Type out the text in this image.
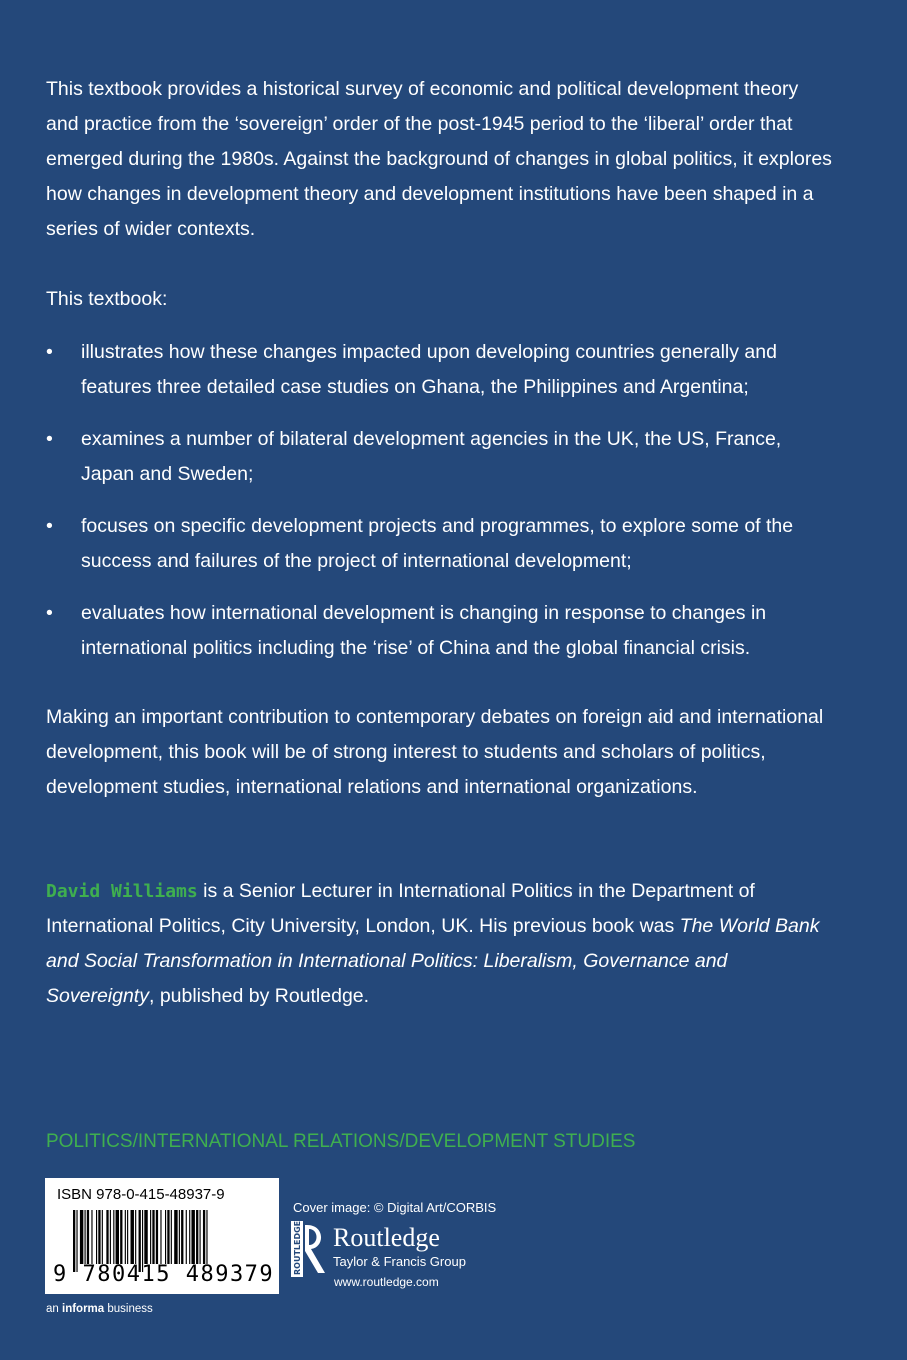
This textbook provides a historical survey of economic and political development theory and practice from the ‘sovereign’ order of the post-1945 period to the ‘liberal’ order that emerged during the 1980s. Against the background of changes in global politics, it explores how changes in development theory and development institutions have been shaped in a series of wider contexts.

This textbook:

• illustrates how these changes impacted upon developing countries generally and features three detailed case studies on Ghana, the Philippines and Argentina;
• examines a number of bilateral development agencies in the UK, the US, France, Japan and Sweden;
• focuses on specific development projects and programmes, to explore some of the success and failures of the project of international development;
• evaluates how international development is changing in response to changes in international politics including the ‘rise’ of China and the global financial crisis.

Making an important contribution to contemporary debates on foreign aid and international development, this book will be of strong interest to students and scholars of politics, development studies, international relations and international organizations.

David Williams is a Senior Lecturer in International Politics in the Department of International Politics, City University, London, UK. His previous book was The World Bank and Social Transformation in International Politics: Liberalism, Governance and Sovereignty, published by Routledge.

POLITICS/INTERNATIONAL RELATIONS/DEVELOPMENT STUDIES
ISBN 978-0-415-48937-9
9 780415 489379
an informa business
Cover image: © Digital Art/CORBIS
ROUTLEDGE Routledge
Taylor & Francis Group
www.routledge.com
